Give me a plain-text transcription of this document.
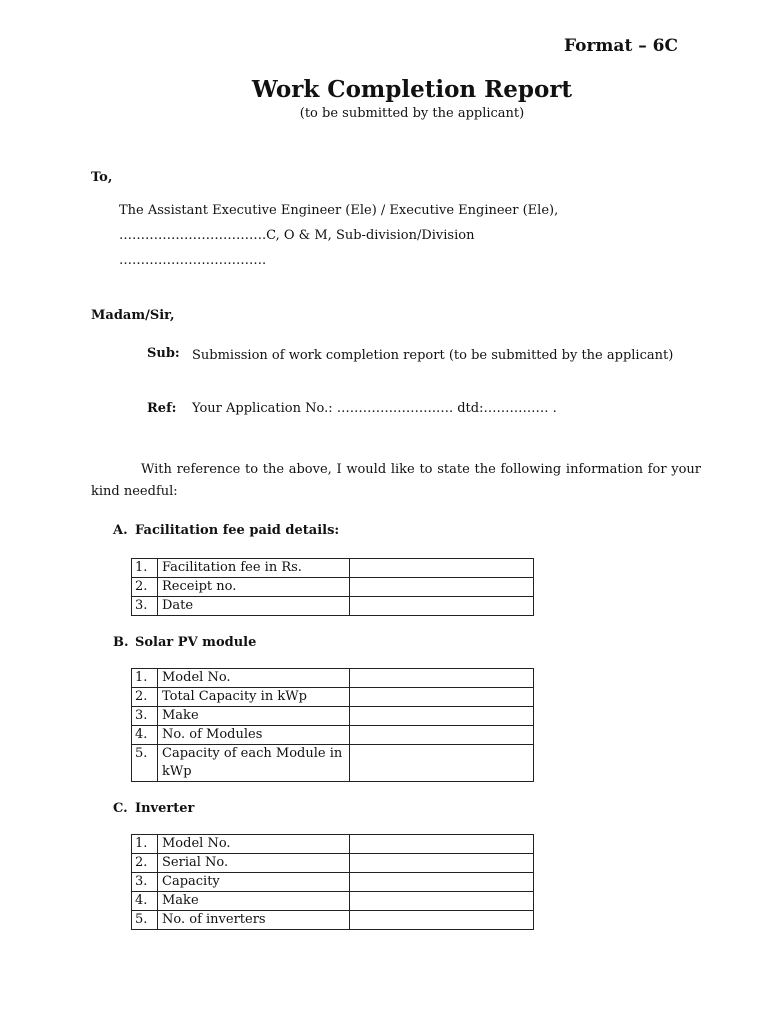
Format – 6C
Work Completion Report
(to be submitted by the applicant)
To,
The Assistant Executive Engineer (Ele) / Executive Engineer (Ele),
…………………………….C, O & M, Sub-division/Division
…………………………….
Madam/Sir,
Sub: Submission of work completion report (to be submitted by the applicant)
Ref: Your Application No.: ………….……….…. dtd:…………… .
With reference to the above, I would like to state the following information for your kind needful:
A. Facilitation fee paid details:
1.	Facilitation fee in Rs.	
2.	Receipt no.	
3.	Date	
B. Solar PV module
1.	Model No.	
2.	Total Capacity in kWp	
3.	Make	
4.	No. of Modules	
5.	Capacity of each Module in kWp	
C. Inverter
1.	Model No.	
2.	Serial No.	
3.	Capacity	
4.	Make	
5.	No. of inverters	
